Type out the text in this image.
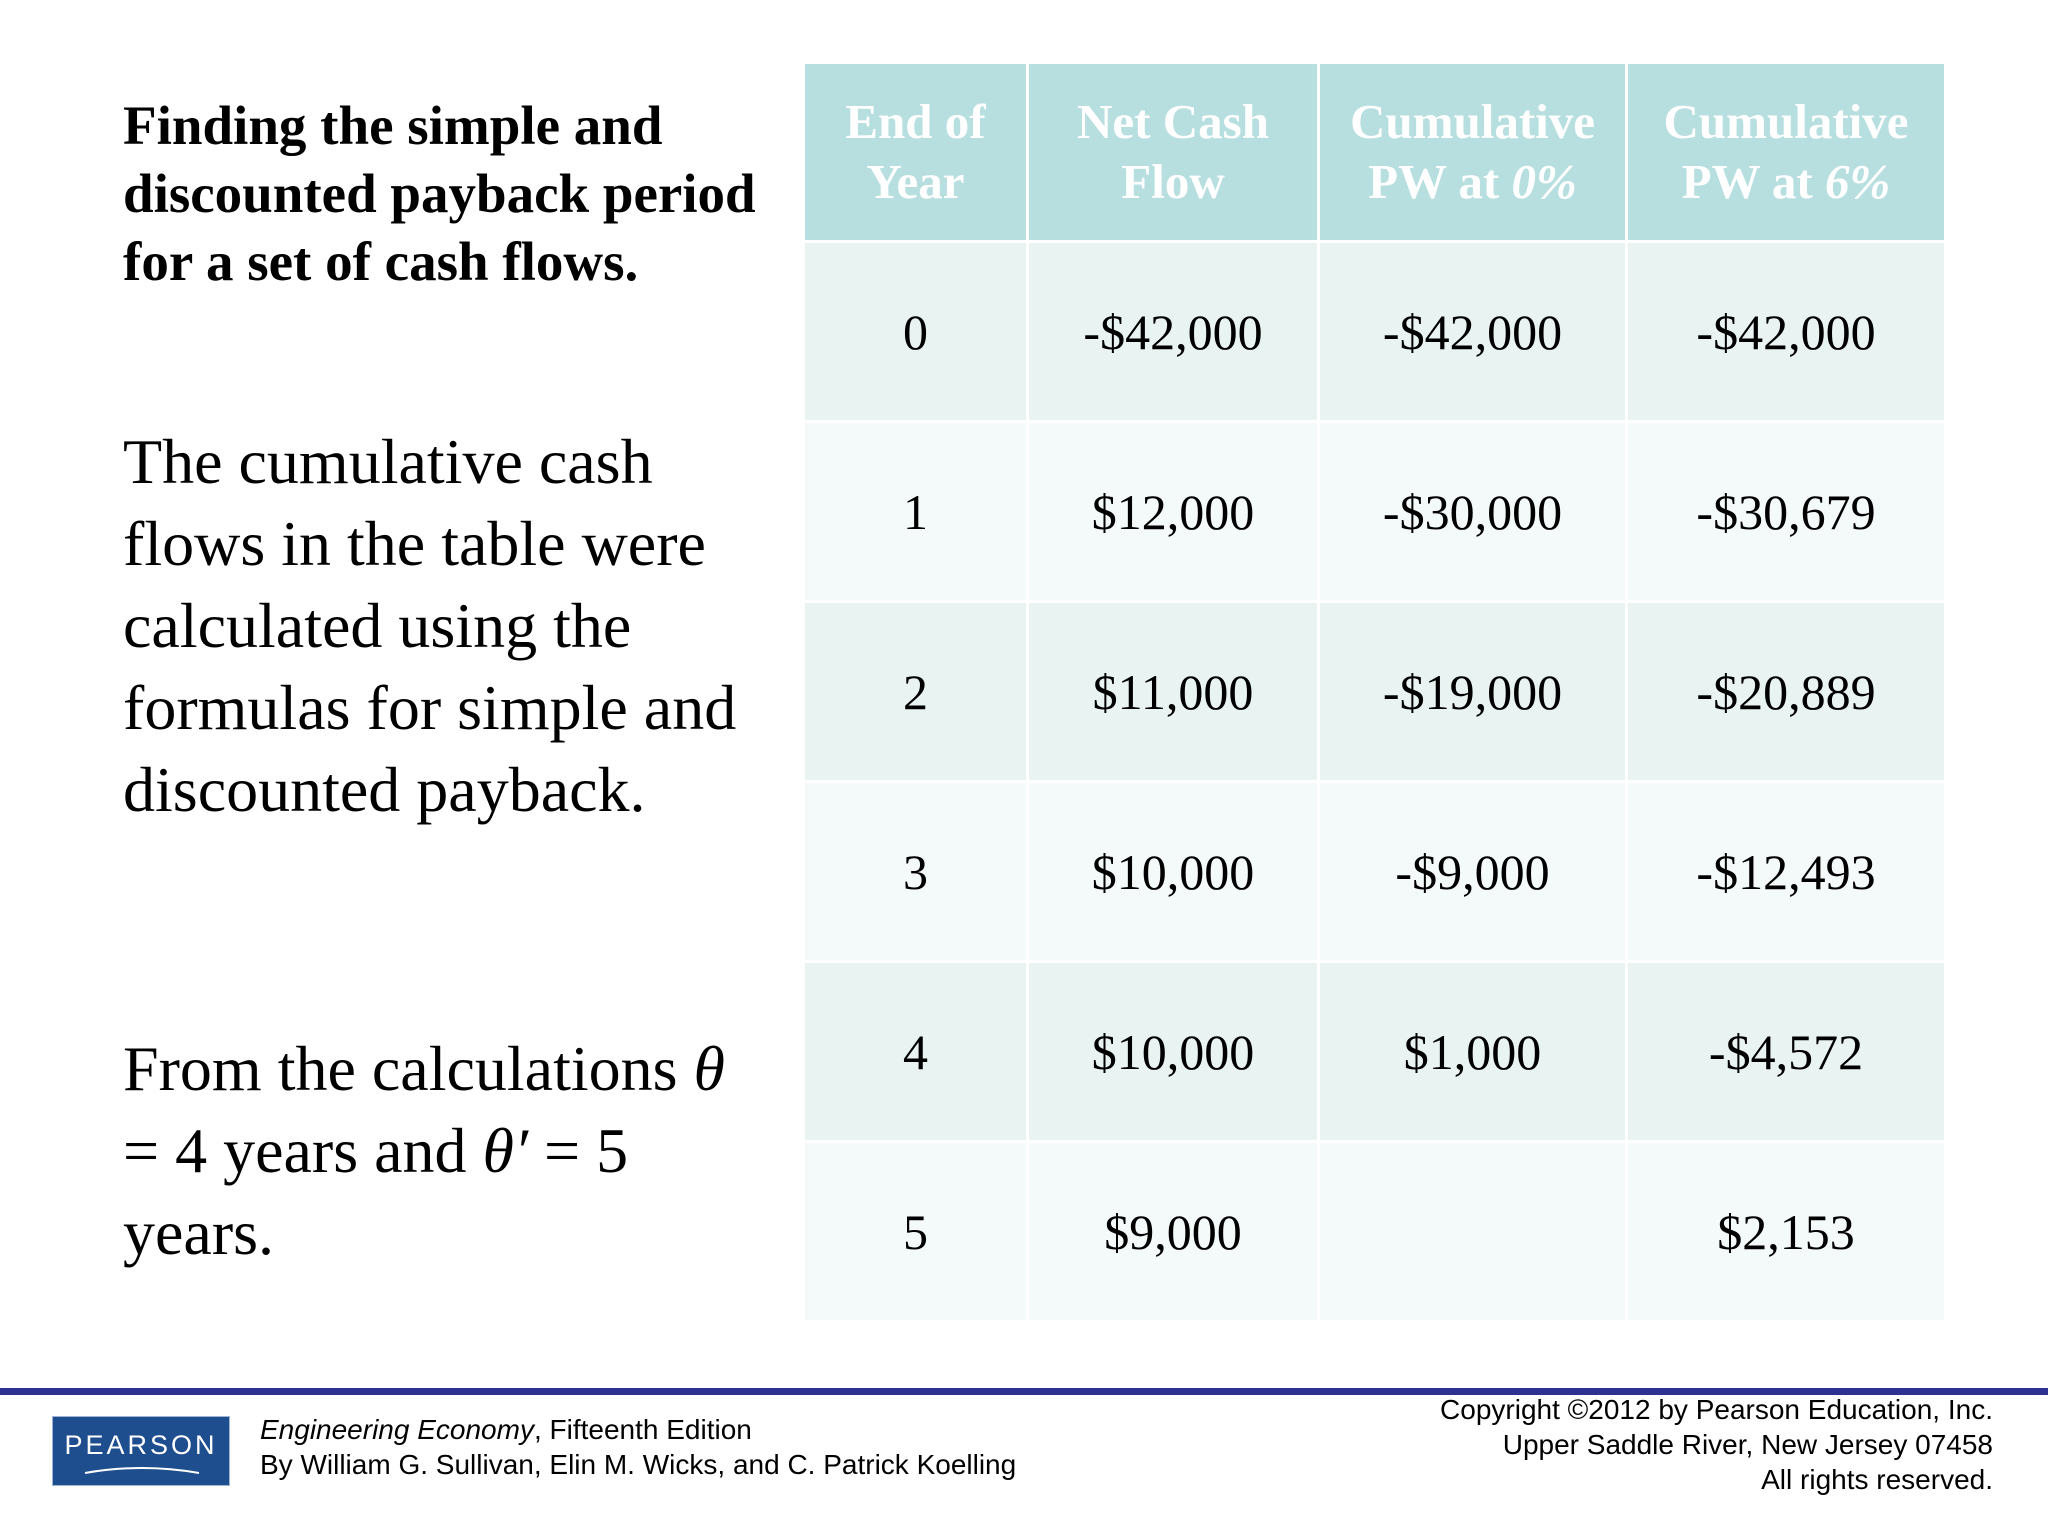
Finding the simple and discounted payback period for a set of cash flows.
The cumulative cash flows in the table were calculated using the formulas for simple and discounted payback.
From the calculations θ = 4 years and θ′ = 5 years.
End of Year	Net Cash Flow	Cumulative PW at 0%	Cumulative PW at 6%
0	-$42,000	-$42,000	-$42,000
1	$12,000	-$30,000	-$30,679
2	$11,000	-$19,000	-$20,889
3	$10,000	-$9,000	-$12,493
4	$10,000	$1,000	-$4,572
5	$9,000		$2,153
PEARSON	Engineering Economy, Fifteenth Edition
By William G. Sullivan, Elin M. Wicks, and C. Patrick Koelling
Copyright ©2012 by Pearson Education, Inc.
Upper Saddle River, New Jersey 07458
All rights reserved.
